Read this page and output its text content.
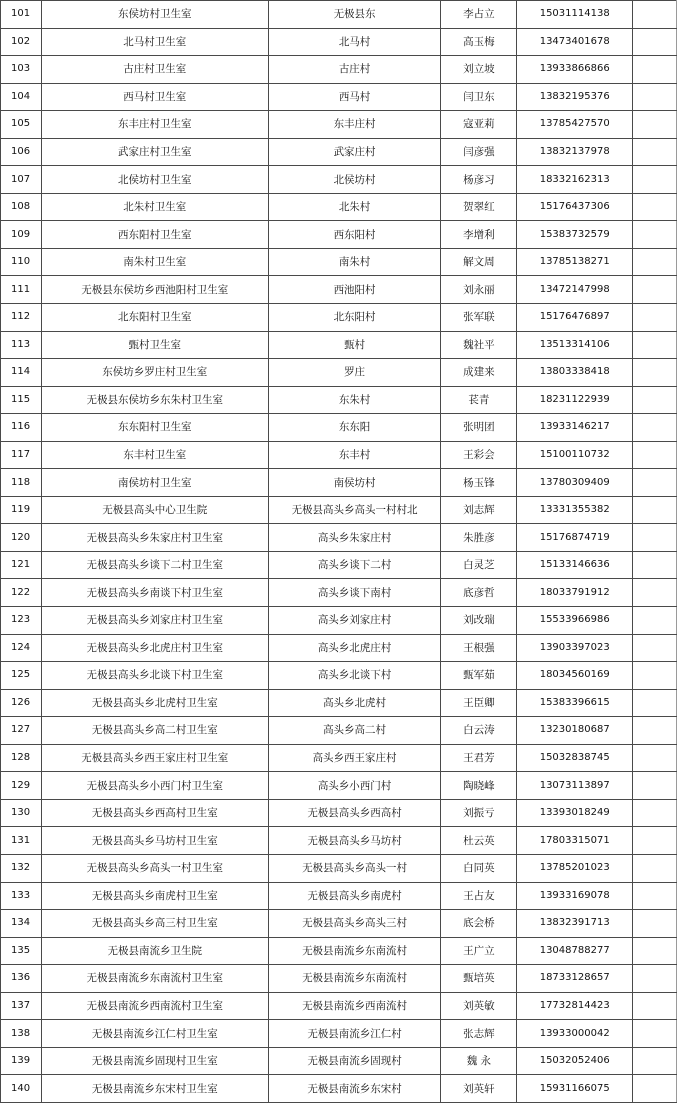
101	东侯坊村卫生室	无极县东	李占立	15031114138	
102	北马村卫生室	北马村	高玉梅	13473401678	
103	古庄村卫生室	古庄村	刘立坡	13933866866	
104	西马村卫生室	西马村	闫卫东	13832195376	
105	东丰庄村卫生室	东丰庄村	寇亚莉	13785427570	
106	武家庄村卫生室	武家庄村	闫彦强	13832137978	
107	北侯坊村卫生室	北侯坊村	杨彦习	18332162313	
108	北朱村卫生室	北朱村	贺翠红	15176437306	
109	西东阳村卫生室	西东阳村	李增利	15383732579	
110	南朱村卫生室	南朱村	解文周	13785138271	
111	无极县东侯坊乡西池阳村卫生室	西池阳村	刘永丽	13472147998	
112	北东阳村卫生室	北东阳村	张军联	15176476897	
113	甄村卫生室	甄村	魏社平	13513314106	
114	东侯坊乡罗庄村卫生室	罗庄	成建来	13803338418	
115	无极县东侯坊乡东朱村卫生室	东朱村	苌青	18231122939	
116	东东阳村卫生室	东东阳	张明团	13933146217	
117	东丰村卫生室	东丰村	王彩会	15100110732	
118	南侯坊村卫生室	南侯坊村	杨玉锋	13780309409	
119	无极县高头中心卫生院	无极县高头乡高头一村村北	刘志辉	13331355382	
120	无极县高头乡朱家庄村卫生室	高头乡朱家庄村	朱胜彦	15176874719	
121	无极县高头乡谈下二村卫生室	高头乡谈下二村	白灵芝	15133146636	
122	无极县高头乡南谈下村卫生室	高头乡谈下南村	底彦哲	18033791912	
123	无极县高头乡刘家庄村卫生室	高头乡刘家庄村	刘改瑞	15533966986	
124	无极县高头乡北虎庄村卫生室	高头乡北虎庄村	王根强	13903397023	
125	无极县高头乡北谈下村卫生室	高头乡北谈下村	甄军茹	18034560169	
126	无极县高头乡北虎村卫生室	高头乡北虎村	王臣卿	15383396615	
127	无极县高头乡高二村卫生室	高头乡高二村	白云涛	13230180687	
128	无极县高头乡西王家庄村卫生室	高头乡西王家庄村	王君芳	15032838745	
129	无极县高头乡小西门村卫生室	高头乡小西门村	陶晓峰	13073113897	
130	无极县高头乡西高村卫生室	无极县高头乡西高村	刘振亏	13393018249	
131	无极县高头乡马坊村卫生室	无极县高头乡马坊村	杜云英	17803315071	
132	无极县高头乡高头一村卫生室	无极县高头乡高头一村	白同英	13785201023	
133	无极县高头乡南虎村卫生室	无极县高头乡南虎村	王占友	13933169078	
134	无极县高头乡高三村卫生室	无极县高头乡高头三村	底会桥	13832391713	
135	无极县南流乡卫生院	无极县南流乡东南流村	王广立	13048788277	
136	无极县南流乡东南流村卫生室	无极县南流乡东南流村	甄培英	18733128657	
137	无极县南流乡西南流村卫生室	无极县南流乡西南流村	刘英敏	17732814423	
138	无极县南流乡江仁村卫生室	无极县南流乡江仁村	张志辉	13933000042	
139	无极县南流乡固现村卫生室	无极县南流乡固现村	魏 永	15032052406	
140	无极县南流乡东宋村卫生室	无极县南流乡东宋村	刘英轩	15931166075	
